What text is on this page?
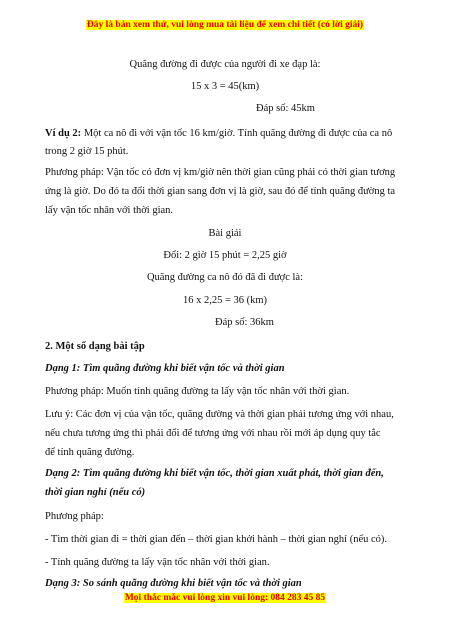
Đây là bản xem thử, vui lòng mua tài liệu để xem chi tiết (có lời giải)
Quãng đường đi được của người đi xe đạp là:
15 x 3 = 45(km)
Đáp số: 45km
Ví dụ 2: Một ca nô đi với vận tốc 16 km/giờ. Tính quãng đường đi được của ca nô
trong 2 giờ 15 phút.
Phương pháp: Vận tốc có đơn vị km/giờ nên thời gian cũng phải có thời gian tương
ứng là giờ. Do đó ta đổi thời gian sang đơn vị là giờ, sau đó để tính quãng đường ta
lấy vận tốc nhân với thời gian.
Bài giải
Đổi: 2 giờ 15 phút = 2,25 giờ
Quãng đường ca nô đó đã đi được là:
16 x 2,25 = 36 (km)
Đáp số: 36km
2. Một số dạng bài tập
Dạng 1: Tìm quãng đường khi biết vận tốc và thời gian
Phương pháp: Muốn tính quãng đường ta lấy vận tốc nhân với thời gian.
Lưu ý: Các đơn vị của vận tốc, quãng đường và thời gian phải tương ứng với nhau,
nếu chưa tương ứng thì phải đổi để tương ứng với nhau rồi mới áp dụng quy tắc
để tính quãng đường.
Dạng 2: Tìm quãng đường khi biết vận tốc, thời gian xuất phát, thời gian đến,
thời gian nghỉ (nếu có)
Phương pháp:
- Tìm thời gian đi = thời gian đến – thời gian khởi hành – thời gian nghỉ (nếu có).
- Tính quãng đường ta lấy vận tốc nhân với thời gian.
Dạng 3: So sánh quãng đường khi biết vận tốc và thời gian
Mọi thắc mắc vui lòng xin vui lòng: 084 283 45 85
